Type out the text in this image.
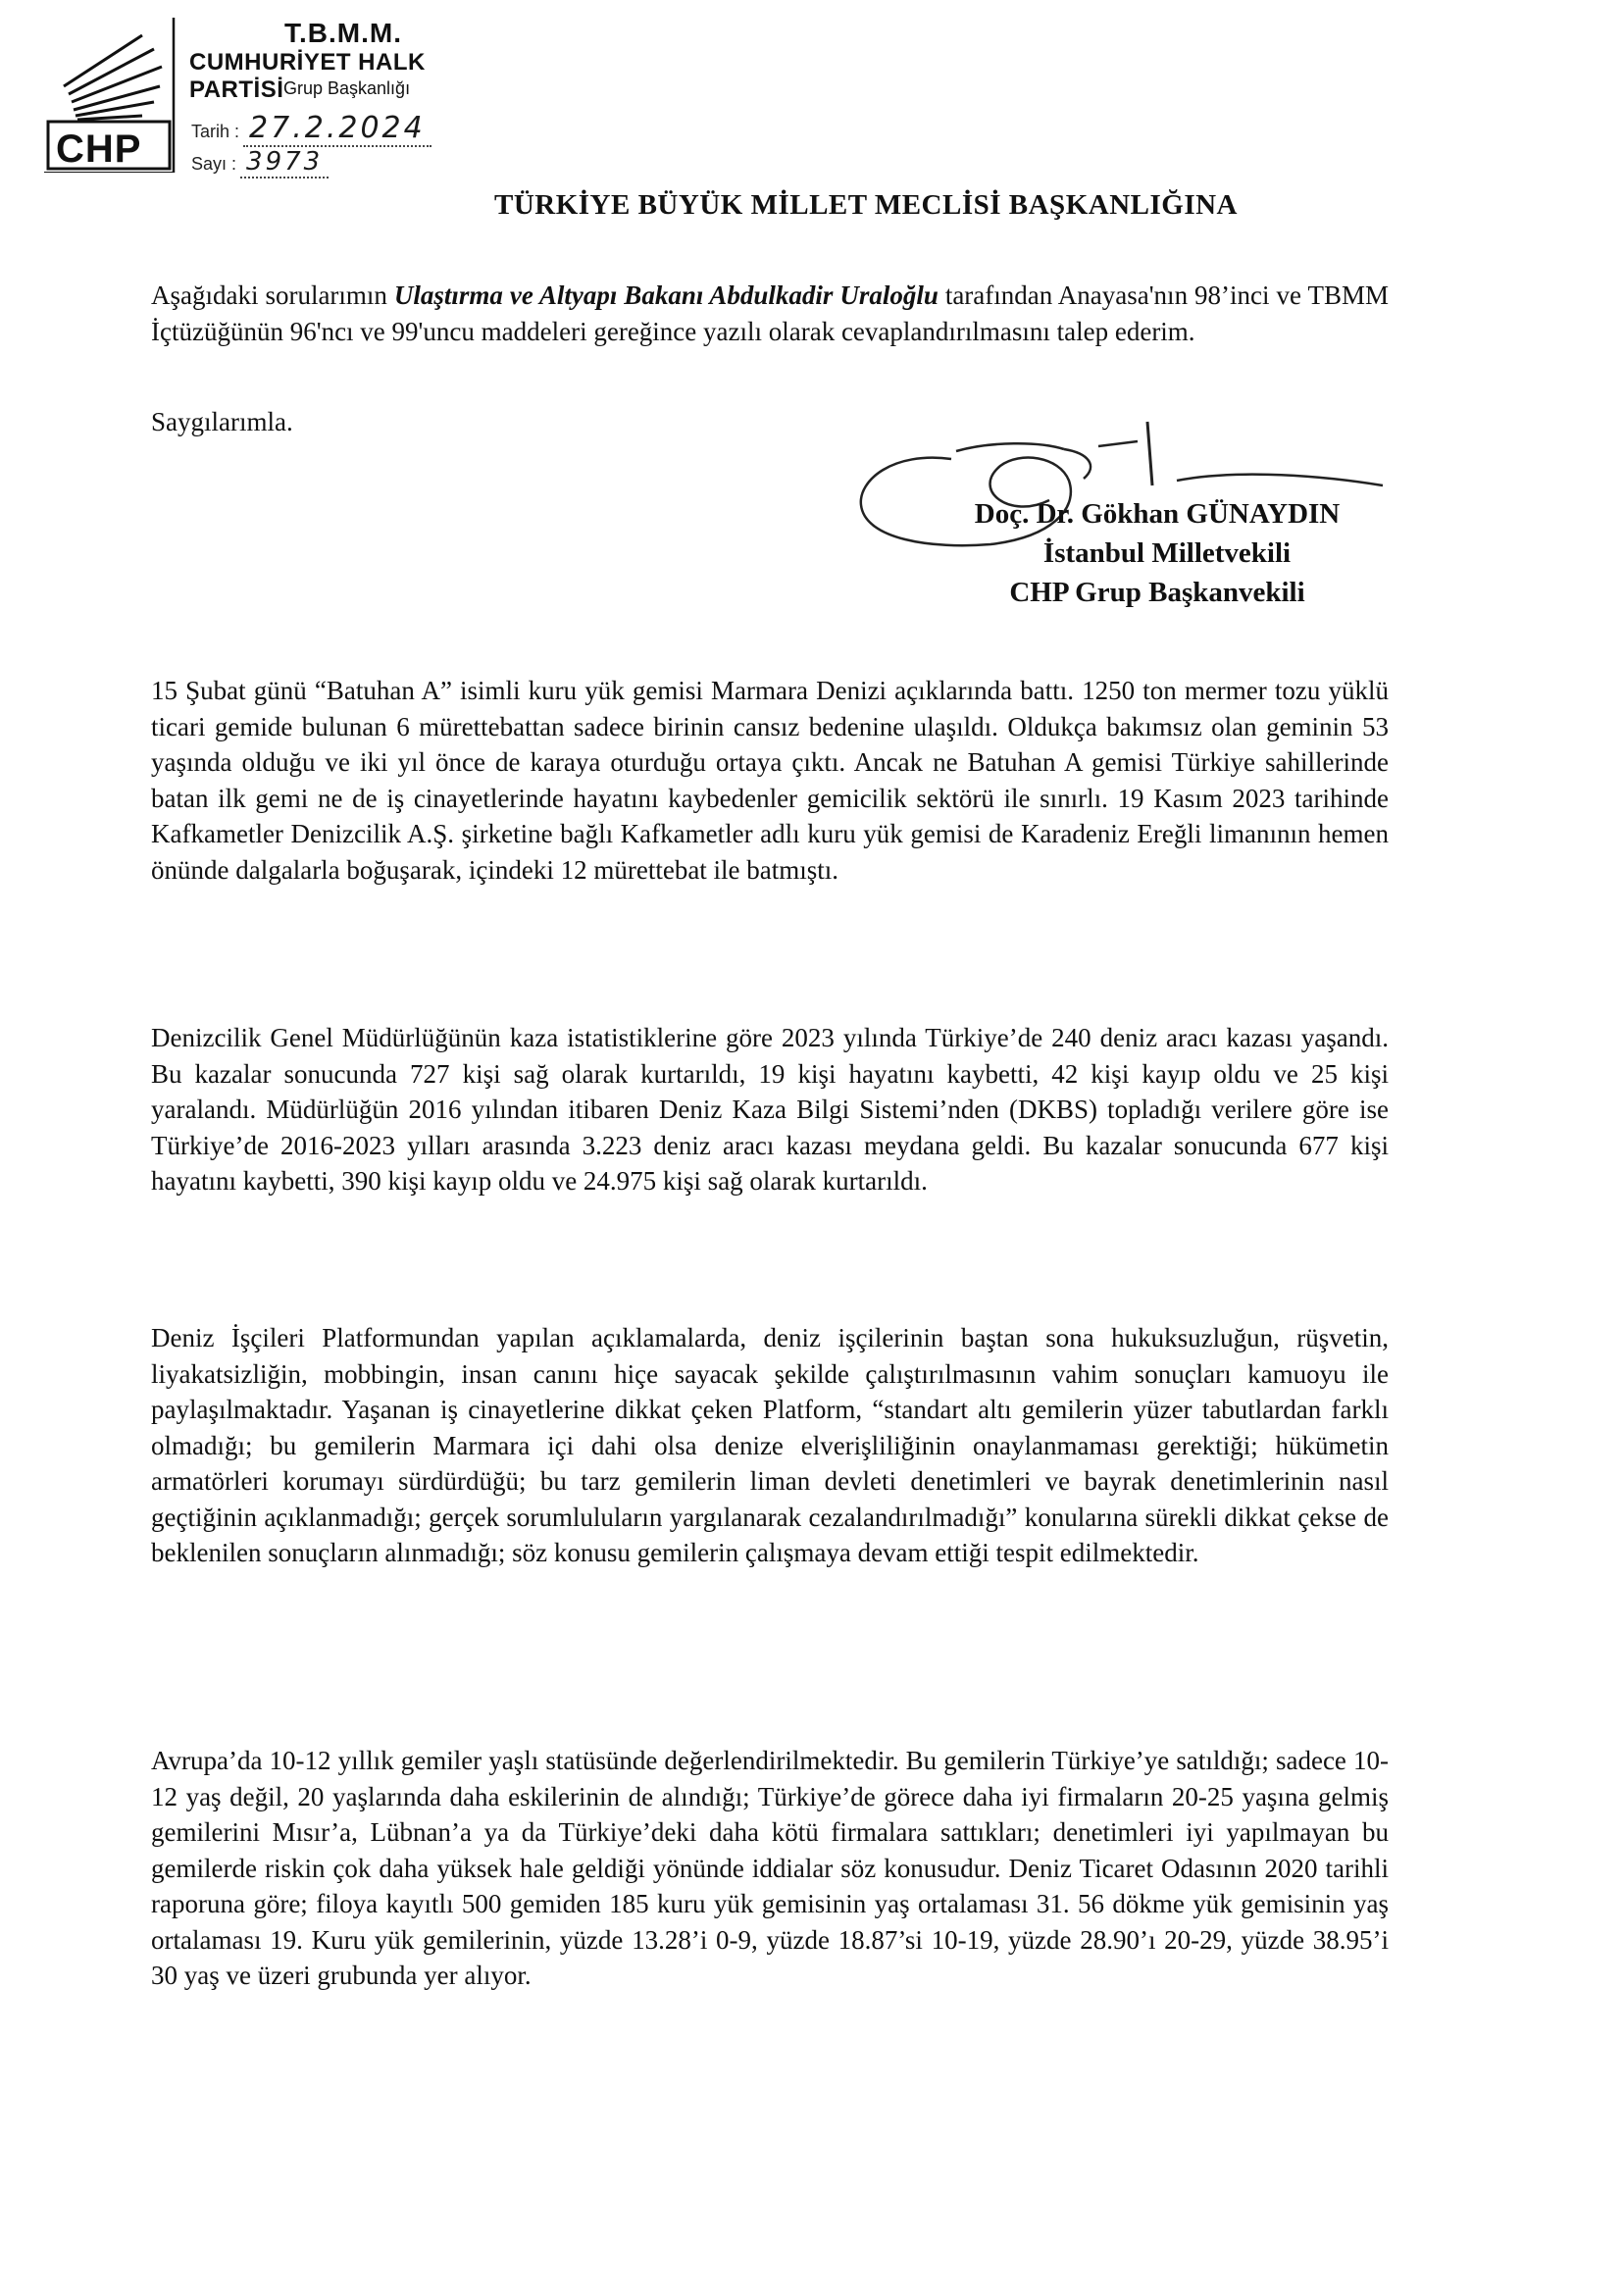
CHP
T.B.M.M.
CUMHURİYET HALK PARTİSİ Grup Başkanlığı
Tarih : 27.2.2024
Sayı : 3973
TÜRKİYE BÜYÜK MİLLET MECLİSİ BAŞKANLIĞINA
Aşağıdaki sorularımın Ulaştırma ve Altyapı Bakanı Abdulkadir Uraloğlu tarafından Anayasa'nın 98’inci ve TBMM İçtüzüğünün 96'ncı ve 99'uncu maddeleri gereğince yazılı olarak cevaplandırılmasını talep ederim.
Saygılarımla.
Doç. Dr. Gökhan GÜNAYDIN
İstanbul Milletvekili
CHP Grup Başkanvekili
15 Şubat günü “Batuhan A” isimli kuru yük gemisi Marmara Denizi açıklarında battı. 1250 ton mermer tozu yüklü ticari gemide bulunan 6 mürettebattan sadece birinin cansız bedenine ulaşıldı. Oldukça bakımsız olan geminin 53 yaşında olduğu ve iki yıl önce de karaya oturduğu ortaya çıktı. Ancak ne Batuhan A gemisi Türkiye sahillerinde batan ilk gemi ne de iş cinayetlerinde hayatını kaybedenler gemicilik sektörü ile sınırlı. 19 Kasım 2023 tarihinde Kafkametler Denizcilik A.Ş. şirketine bağlı Kafkametler adlı kuru yük gemisi de Karadeniz Ereğli limanının hemen önünde dalgalarla boğuşarak, içindeki 12 mürettebat ile batmıştı.
Denizcilik Genel Müdürlüğünün kaza istatistiklerine göre 2023 yılında Türkiye’de 240 deniz aracı kazası yaşandı. Bu kazalar sonucunda 727 kişi sağ olarak kurtarıldı, 19 kişi hayatını kaybetti, 42 kişi kayıp oldu ve 25 kişi yaralandı. Müdürlüğün 2016 yılından itibaren Deniz Kaza Bilgi Sistemi’nden (DKBS) topladığı verilere göre ise Türkiye’de 2016-2023 yılları arasında 3.223 deniz aracı kazası meydana geldi. Bu kazalar sonucunda 677 kişi hayatını kaybetti, 390 kişi kayıp oldu ve 24.975 kişi sağ olarak kurtarıldı.
Deniz İşçileri Platformundan yapılan açıklamalarda, deniz işçilerinin baştan sona hukuksuzluğun, rüşvetin, liyakatsizliğin, mobbingin, insan canını hiçe sayacak şekilde çalıştırılmasının vahim sonuçları kamuoyu ile paylaşılmaktadır. Yaşanan iş cinayetlerine dikkat çeken Platform, “standart altı gemilerin yüzer tabutlardan farklı olmadığı; bu gemilerin Marmara içi dahi olsa denize elverişliliğinin onaylanmaması gerektiği; hükümetin armatörleri korumayı sürdürdüğü; bu tarz gemilerin liman devleti denetimleri ve bayrak denetimlerinin nasıl geçtiğinin açıklanmadığı; gerçek sorumluluların yargılanarak cezalandırılmadığı” konularına sürekli dikkat çekse de beklenilen sonuçların alınmadığı; söz konusu gemilerin çalışmaya devam ettiği tespit edilmektedir.
Avrupa’da 10-12 yıllık gemiler yaşlı statüsünde değerlendirilmektedir. Bu gemilerin Türkiye’ye satıldığı; sadece 10-12 yaş değil, 20 yaşlarında daha eskilerinin de alındığı; Türkiye’de görece daha iyi firmaların 20-25 yaşına gelmiş gemilerini Mısır’a, Lübnan’a ya da Türkiye’deki daha kötü firmalara sattıkları; denetimleri iyi yapılmayan bu gemilerde riskin çok daha yüksek hale geldiği yönünde iddialar söz konusudur. Deniz Ticaret Odasının 2020 tarihli raporuna göre; filoya kayıtlı 500 gemiden 185 kuru yük gemisinin yaş ortalaması 31. 56 dökme yük gemisinin yaş ortalaması 19. Kuru yük gemilerinin, yüzde 13.28’i 0-9, yüzde 18.87’si 10-19, yüzde 28.90’ı 20-29, yüzde 38.95’i 30 yaş ve üzeri grubunda yer alıyor.
